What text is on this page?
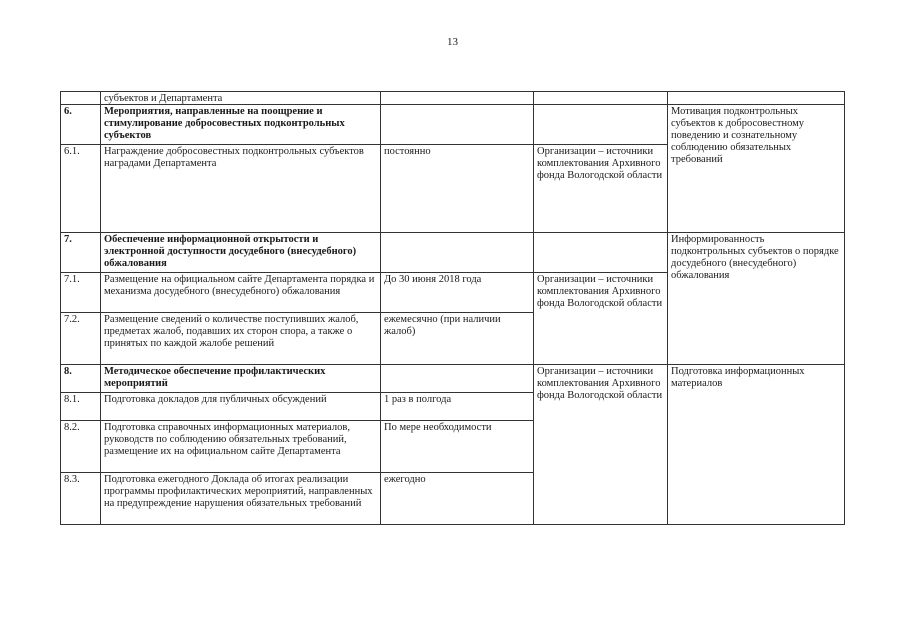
13
	субъектов и Департамента			
6.	Мероприятия, направленные на поощрение и стимулирование добросовестных подконтрольных субъектов			Мотивация подконтрольных субъектов к добросовестному поведению и сознательному соблюдению обязательных требований
6.1.	Награждение добросовестных подконтрольных субъектов наградами Департамента	постоянно	Организации – источники комплектования Архивного фонда Вологодской области	
7.	Обеспечение информационной открытости и электронной доступности досудебного (внесудебного) обжалования			Информированность подконтрольных субъектов о порядке досудебного (внесудебного) обжалования
7.1.	Размещение на официальном сайте Департамента порядка и механизма досудебного (внесудебного) обжалования	До 30 июня 2018 года	Организации – источники комплектования Архивного фонда Вологодской области	
7.2.	Размещение сведений о количестве поступивших жалоб, предметах жалоб, подавших их сторон спора, а также о принятых по каждой жалобе решений	ежемесячно (при наличии жалоб)		
8.	Методическое обеспечение профилактических мероприятий		Организации – источники комплектования Архивного фонда Вологодской области	Подготовка информационных материалов
8.1.	Подготовка докладов для публичных обсуждений	1 раз в полгода		
8.2.	Подготовка справочных информационных материалов, руководств по соблюдению обязательных требований, размещение их на официальном сайте Департамента	По мере необходимости		
8.3.	Подготовка ежегодного Доклада об итогах реализации программы профилактических мероприятий, направленных на предупреждение нарушения обязательных требований	ежегодно		
